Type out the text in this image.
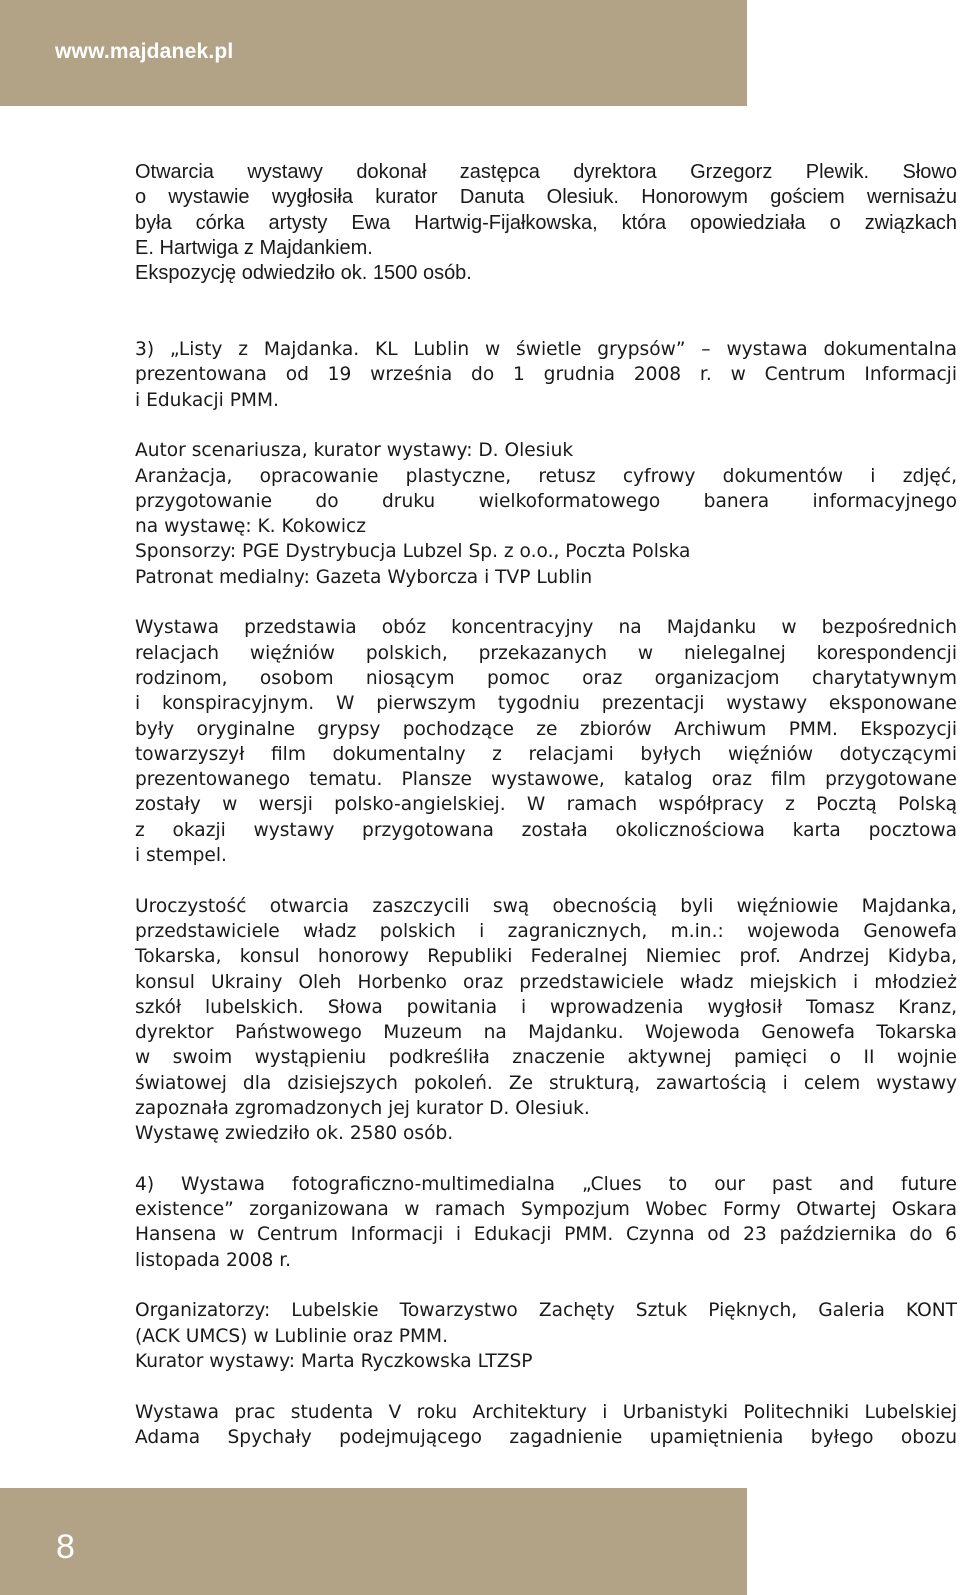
www.majdanek.pl
Otwarcia wystawy dokonał zastępca dyrektora Grzegorz Plewik. Słowo
o wystawie wygłosiła kurator Danuta Olesiuk. Honorowym gościem wernisażu
była córka artysty Ewa Hartwig-Fijałkowska, która opowiedziała o związkach
E. Hartwiga z Majdankiem.
Ekspozycję odwiedziło ok. 1500 osób.
3) „Listy z Majdanka. KL Lublin w świetle grypsów” – wystawa dokumentalna
prezentowana od 19 września do 1 grudnia 2008 r. w Centrum Informacji
i Edukacji PMM.
Autor scenariusza, kurator wystawy: D. Olesiuk
Aranżacja, opracowanie plastyczne, retusz cyfrowy dokumentów i zdjęć,
przygotowanie do druku wielkoformatowego banera informacyjnego
na wystawę: K. Kokowicz
Sponsorzy: PGE Dystrybucja Lubzel Sp. z o.o., Poczta Polska
Patronat medialny: Gazeta Wyborcza i TVP Lublin
Wystawa przedstawia obóz koncentracyjny na Majdanku w bezpośrednich
relacjach więźniów polskich, przekazanych w nielegalnej korespondencji
rodzinom, osobom niosącym pomoc oraz organizacjom charytatywnym
i konspiracyjnym. W pierwszym tygodniu prezentacji wystawy eksponowane
były oryginalne grypsy pochodzące ze zbiorów Archiwum PMM. Ekspozycji
towarzyszył film dokumentalny z relacjami byłych więźniów dotyczącymi
prezentowanego tematu. Plansze wystawowe, katalog oraz film przygotowane
zostały w wersji polsko-angielskiej. W ramach współpracy z Pocztą Polską
z okazji wystawy przygotowana została okolicznościowa karta pocztowa
i stempel.
Uroczystość otwarcia zaszczycili swą obecnością byli więźniowie Majdanka,
przedstawiciele władz polskich i zagranicznych, m.in.: wojewoda Genowefa
Tokarska, konsul honorowy Republiki Federalnej Niemiec prof. Andrzej Kidyba,
konsul Ukrainy Oleh Horbenko oraz przedstawiciele władz miejskich i młodzież
szkół lubelskich. Słowa powitania i wprowadzenia wygłosił Tomasz Kranz,
dyrektor Państwowego Muzeum na Majdanku. Wojewoda Genowefa Tokarska
w swoim wystąpieniu podkreśliła znaczenie aktywnej pamięci o II wojnie
światowej dla dzisiejszych pokoleń. Ze strukturą, zawartością i celem wystawy
zapoznała zgromadzonych jej kurator D. Olesiuk.
Wystawę zwiedziło ok. 2580 osób.
4) Wystawa fotograficzno-multimedialna „Clues to our past and future
existence” zorganizowana w ramach Sympozjum Wobec Formy Otwartej Oskara
Hansena w Centrum Informacji i Edukacji PMM. Czynna od 23 października do 6
listopada 2008 r.
Organizatorzy: Lubelskie Towarzystwo Zachęty Sztuk Pięknych, Galeria KONT
(ACK UMCS) w Lublinie oraz PMM.
Kurator wystawy: Marta Ryczkowska LTZSP
Wystawa prac studenta V roku Architektury i Urbanistyki Politechniki Lubelskiej
Adama Spychały podejmującego zagadnienie upamiętnienia byłego obozu
8
